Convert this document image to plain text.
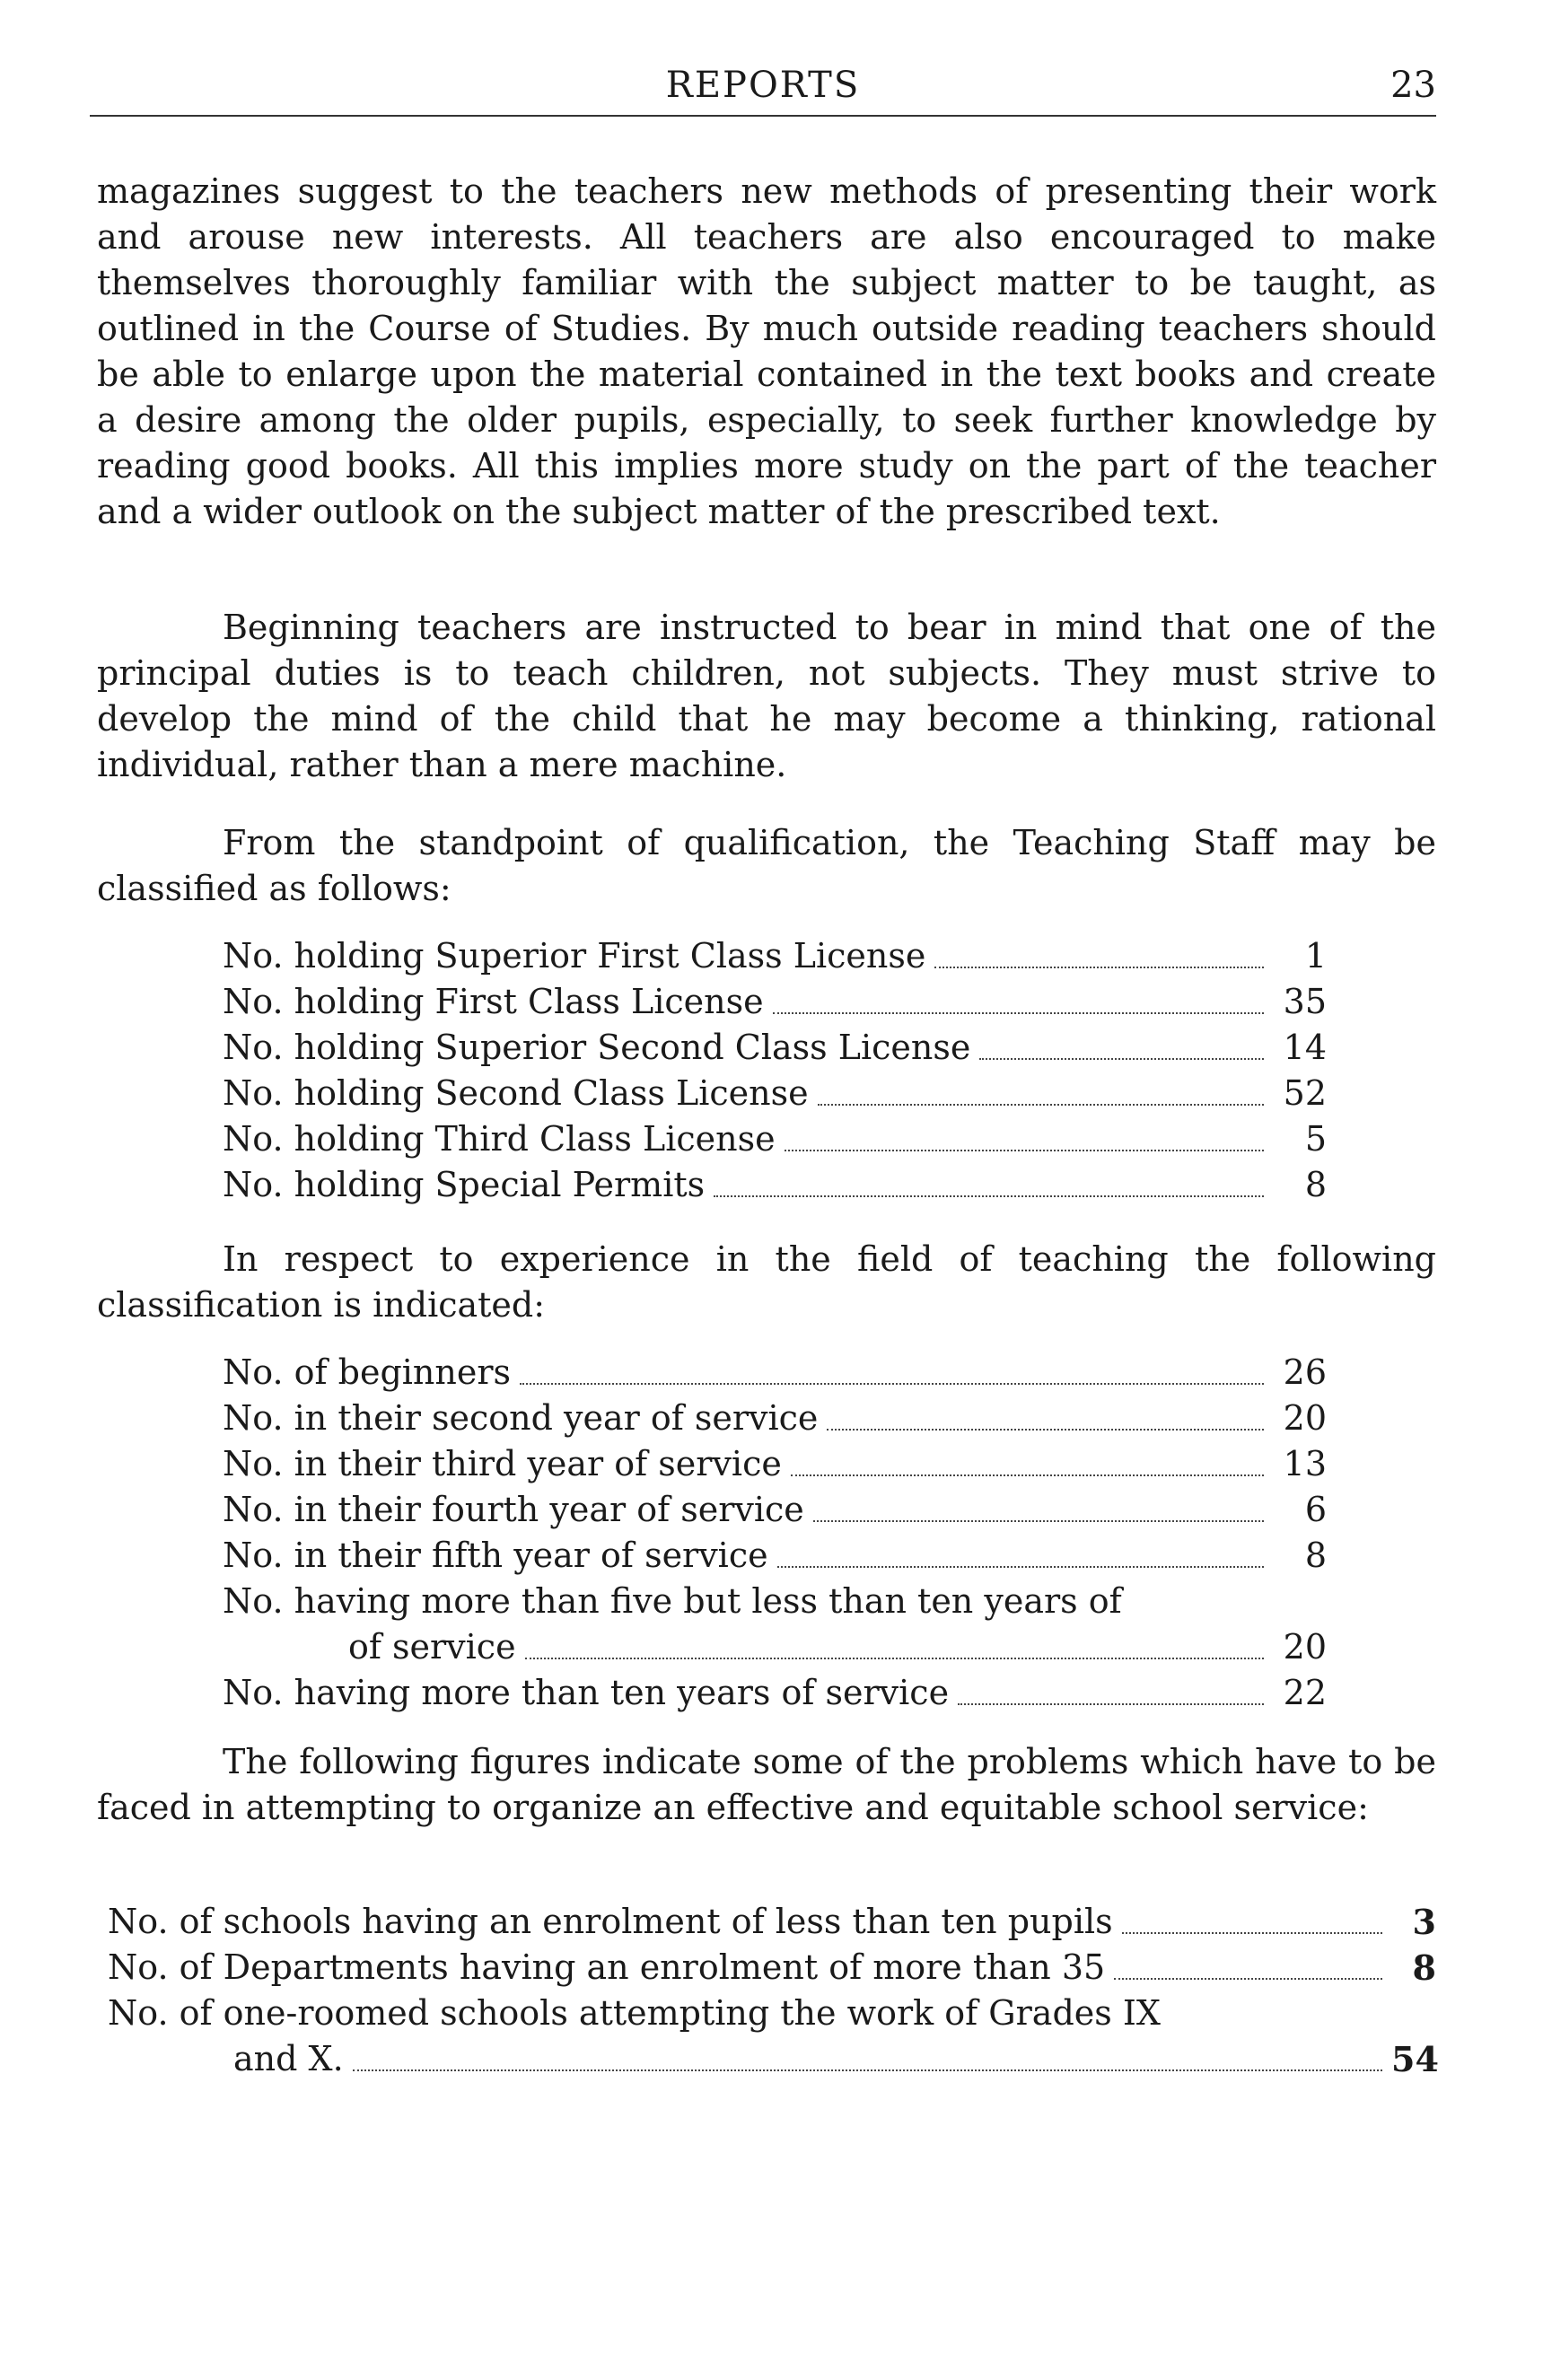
REPORTS	23

magazines suggest to the teachers new methods of presenting their work and arouse new interests. All teachers are also encouraged to make themselves thoroughly familiar with the subject matter to be taught, as outlined in the Course of Studies. By much outside reading teachers should be able to enlarge upon the material contained in the text books and create a desire among the older pupils, especially, to seek further knowledge by reading good books. All this implies more study on the part of the teacher and a wider outlook on the subject matter of the prescribed text.

Beginning teachers are instructed to bear in mind that one of the principal duties is to teach children, not subjects. They must strive to develop the mind of the child that he may become a thinking, rational individual, rather than a mere machine.

From the standpoint of qualification, the Teaching Staff may be classified as follows:

No. holding Superior First Class License	1
No. holding First Class License	35
No. holding Superior Second Class License	14
No. holding Second Class License	52
No. holding Third Class License	5
No. holding Special Permits	8

In respect to experience in the field of teaching the following classification is indicated:

No. of beginners	26
No. in their second year of service	20
No. in their third year of service	13
No. in their fourth year of service	6
No. in their fifth year of service	8
No. having more than five but less than ten years of
of service	20
No. having more than ten years of service	22

The following figures indicate some of the problems which have to be faced in attempting to organize an effective and equitable school service:

No. of schools having an enrolment of less than ten pupils	3
No. of Departments having an enrolment of more than 35	8
No. of one-roomed schools attempting the work of Grades IX
and X.	54
